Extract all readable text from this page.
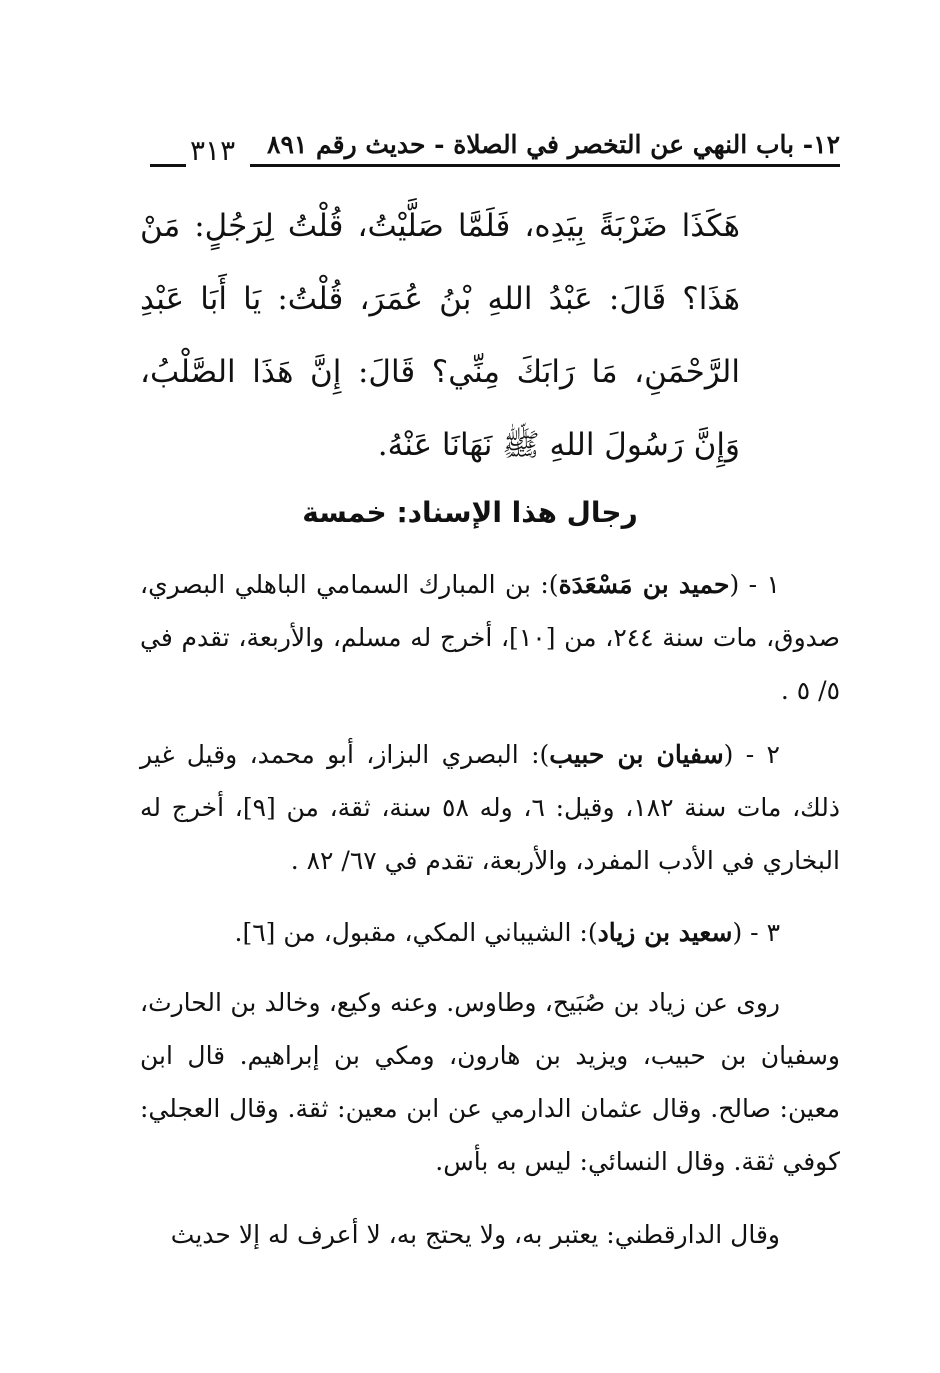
١٢- باب النهي عن التخصر في الصلاة - حديث رقم ٨٩١
٣١٣
هَكَذَا ضَرْبَةً بِيَدِه، فَلَمَّا صَلَّيْتُ، قُلْتُ لِرَجُلٍ: مَنْ هَذَا؟ قَالَ: عَبْدُ اللهِ بْنُ عُمَرَ، قُلْتُ: يَا أَبَا عَبْدِ الرَّحْمَنِ، مَا رَابَكَ مِنِّي؟ قَالَ: إِنَّ هَذَا الصَّلْبُ، وَإِنَّ رَسُولَ اللهِ ﷺ نَهَانَا عَنْهُ.
رجال هذا الإسناد: خمسة

١ - (حميد بن مَسْعَدَة): بن المبارك السمامي الباهلي البصري، صدوق، مات سنة ٢٤٤، من [١٠]، أخرج له مسلم، والأربعة، تقدم في ٥/ ٥ .

٢ - (سفيان بن حبيب): البصري البزاز، أبو محمد، وقيل غير ذلك، مات سنة ١٨٢، وقيل: ٦، وله ٥٨ سنة، ثقة، من [٩]، أخرج له البخاري في الأدب المفرد، والأربعة، تقدم في ٦٧/ ٨٢ .

٣ - (سعيد بن زياد): الشيباني المكي، مقبول، من [٦].

روى عن زياد بن صُبَيح، وطاوس. وعنه وكيع، وخالد بن الحارث، وسفيان بن حبيب، ويزيد بن هارون، ومكي بن إبراهيم. قال ابن معين: صالح. وقال عثمان الدارمي عن ابن معين: ثقة. وقال العجلي: كوفي ثقة. وقال النسائي: ليس به بأس.

وقال الدارقطني: يعتبر به، ولا يحتج به، لا أعرف له إلا حديث
